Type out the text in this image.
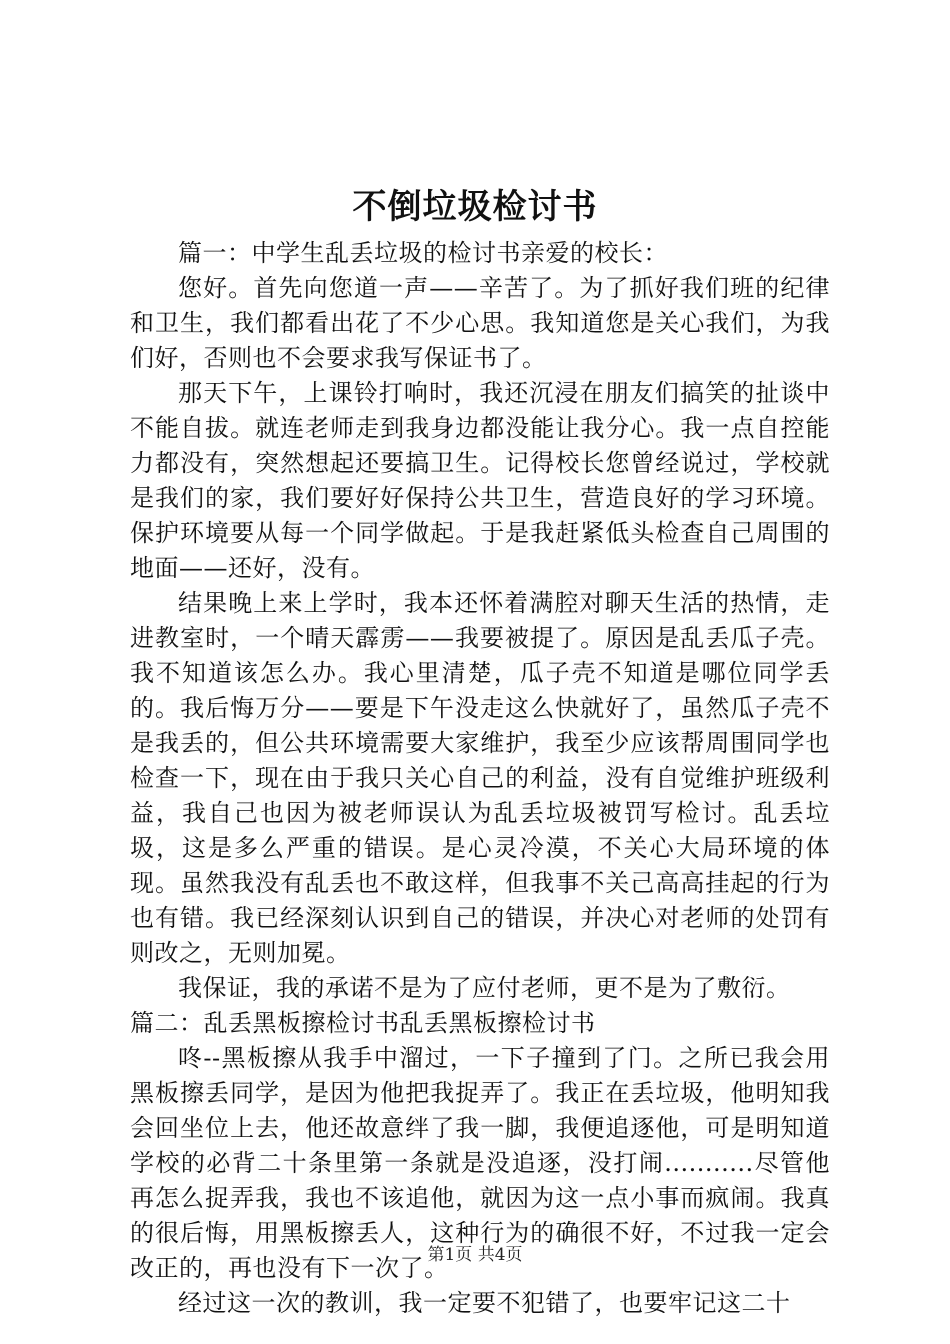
不倒垃圾检讨书

篇一：中学生乱丢垃圾的检讨书亲爱的校长：

您好。首先向您道一声——辛苦了。为了抓好我们班的纪律和卫生，我们都看出花了不少心思。我知道您是关心我们，为我们好，否则也不会要求我写保证书了。

那天下午，上课铃打响时，我还沉浸在朋友们搞笑的扯谈中不能自拔。就连老师走到我身边都没能让我分心。我一点自控能力都没有，突然想起还要搞卫生。记得校长您曾经说过，学校就是我们的家，我们要好好保持公共卫生，营造良好的学习环境。保护环境要从每一个同学做起。于是我赶紧低头检查自己周围的地面——还好，没有。

结果晚上来上学时，我本还怀着满腔对聊天生活的热情，走进教室时，一个晴天霹雳——我要被提了。原因是乱丢瓜子壳。我不知道该怎么办。我心里清楚，瓜子壳不知道是哪位同学丢的。我后悔万分——要是下午没走这么快就好了，虽然瓜子壳不是我丢的，但公共环境需要大家维护，我至少应该帮周围同学也检查一下，现在由于我只关心自己的利益，没有自觉维护班级利益，我自己也因为被老师误认为乱丢垃圾被罚写检讨。乱丢垃圾，这是多么严重的错误。是心灵冷漠，不关心大局环境的体现。虽然我没有乱丢也不敢这样，但我事不关己高高挂起的行为也有错。我已经深刻认识到自己的错误，并决心对老师的处罚有则改之，无则加冕。

我保证，我的承诺不是为了应付老师，更不是为了敷衍。

篇二：乱丢黑板擦检讨书乱丢黑板擦检讨书

咚--黑板擦从我手中溜过，一下子撞到了门。之所已我会用黑板擦丢同学，是因为他把我捉弄了。我正在丢垃圾，他明知我会回坐位上去，他还故意绊了我一脚，我便追逐他，可是明知道学校的必背二十条里第一条就是没追逐，没打闹...........尽管他再怎么捉弄我，我也不该追他，就因为这一点小事而疯闹。我真的很后悔，用黑板擦丢人，这种行为的确很不好，不过我一定会改正的，再也没有下一次了。

经过这一次的教训，我一定要不犯错了，也要牢记这二十

第1页 共4页
